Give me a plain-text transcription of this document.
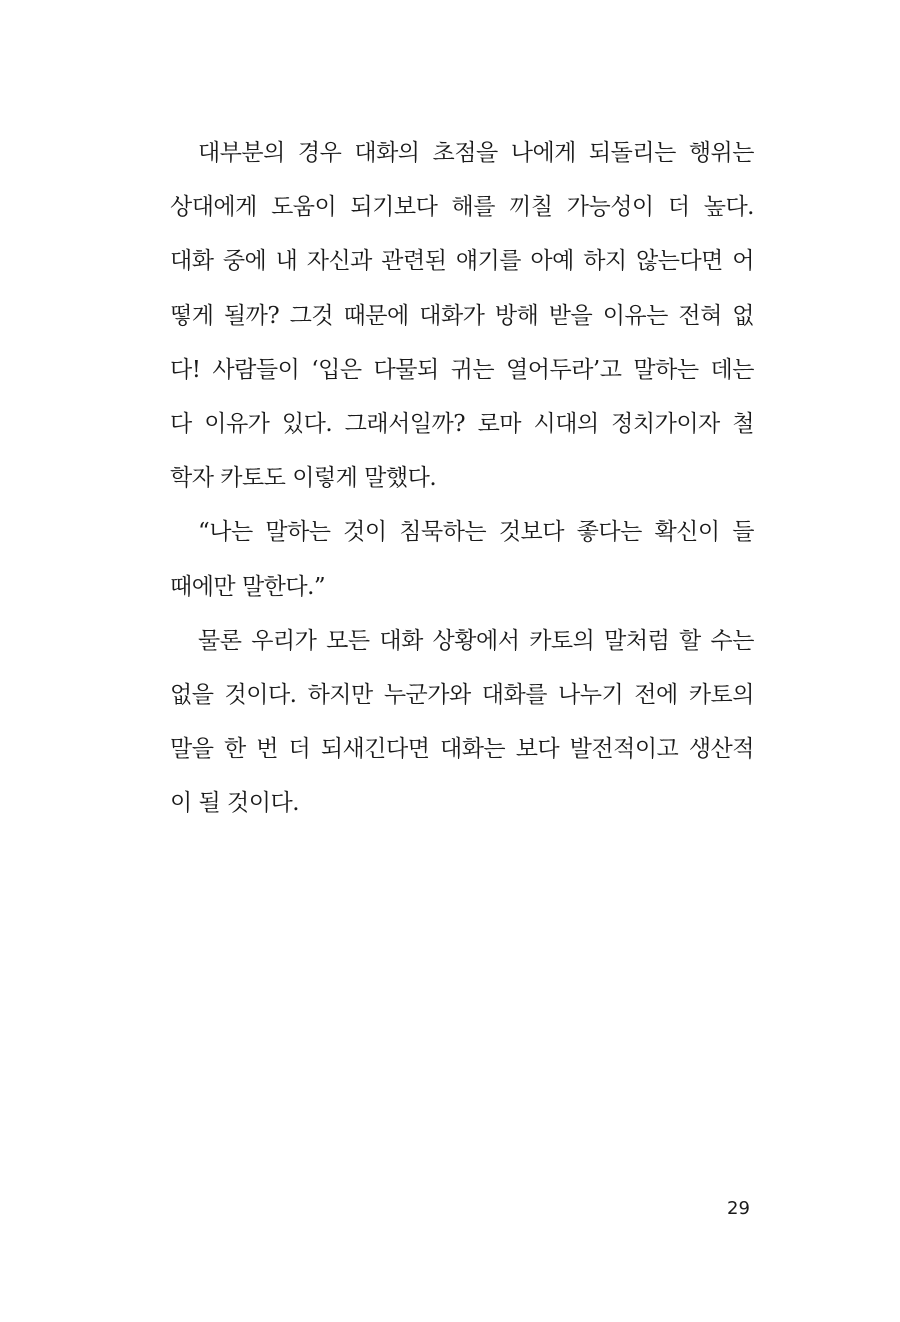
대부분의 경우 대화의 초점을 나에게 되돌리는 행위는
상대에게 도움이 되기보다 해를 끼칠 가능성이 더 높다.
대화 중에 내 자신과 관련된 얘기를 아예 하지 않는다면 어
떻게 될까? 그것 때문에 대화가 방해 받을 이유는 전혀 없
다! 사람들이 ‘입은 다물되 귀는 열어두라’고 말하는 데는
다 이유가 있다. 그래서일까? 로마 시대의 정치가이자 철
학자 카토도 이렇게 말했다.
“나는 말하는 것이 침묵하는 것보다 좋다는 확신이 들
때에만 말한다.”
물론 우리가 모든 대화 상황에서 카토의 말처럼 할 수는
없을 것이다. 하지만 누군가와 대화를 나누기 전에 카토의
말을 한 번 더 되새긴다면 대화는 보다 발전적이고 생산적
이 될 것이다.
29
